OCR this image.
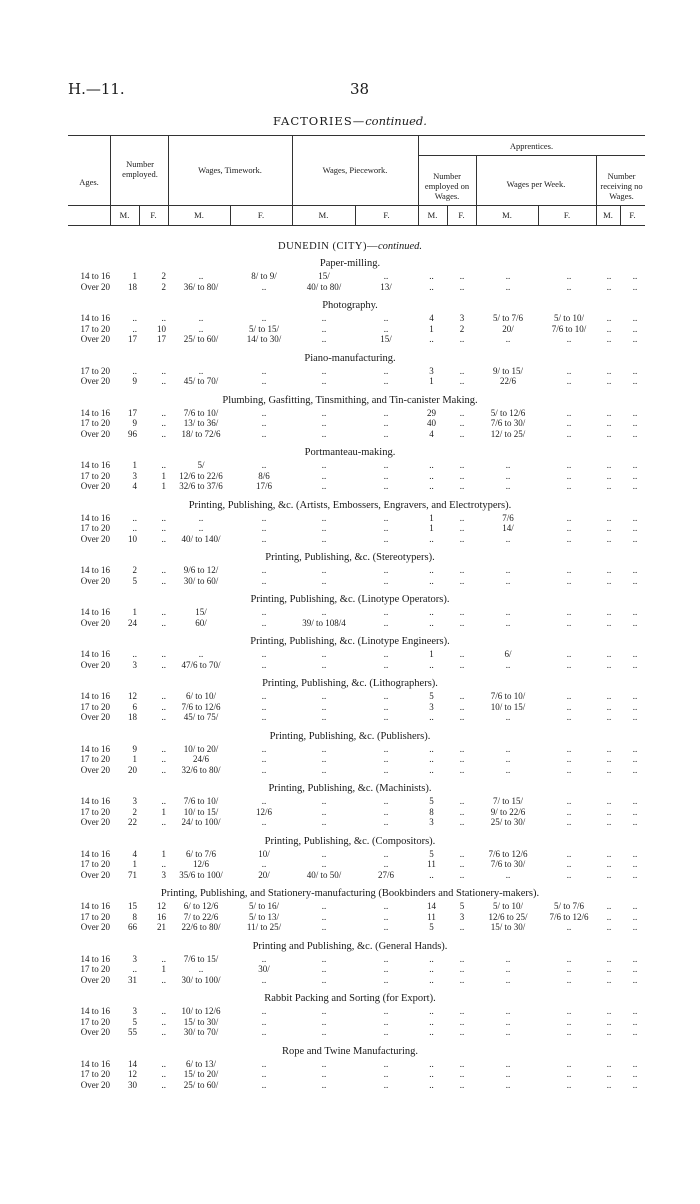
H.—11.	38
FACTORIES—continued.
Ages.
Number employed.	Wages, Timework.	Wages, Piecework.
Apprentices.
Number employed on Wages.
Wages per Week.
Number receiving no Wages.
M.	F.	M.	F.	M.	F.	M.	F.	M.	F.	M.	F.
DUNEDIN (CITY)—continued.
Paper-milling.
14 to 16	1	2	..	8/ to 9/	15/	..	..	..	..	..	..	..
Over 20	18	2	36/ to 80/	..	40/ to 80/	13/	..	..	..	..	..	..
Photography.
14 to 16	..	..	..	..	..	..	4	3	5/ to 7/6	5/ to 10/	..	..
17 to 20	..	10	..	5/ to 15/	..	..	1	2	20/	7/6 to 10/	..	..
Over 20	17	17	25/ to 60/	14/ to 30/	..	15/	..	..	..	..	..	..
Piano-manufacturing.
17 to 20	..	..	..	..	..	..	3	..	9/ to 15/	..	..	..
Over 20	9	..	45/ to 70/	..	..	..	1	..	22/6	..	..	..
Plumbing, Gasfitting, Tinsmithing, and Tin-canister Making.
14 to 16	17	..	7/6 to 10/	..	..	..	29	..	5/ to 12/6	..	..	..
17 to 20	9	..	13/ to 36/	..	..	..	40	..	7/6 to 30/	..	..	..
Over 20	96	..	18/ to 72/6	..	..	..	4	..	12/ to 25/	..	..	..
Portmanteau-making.
14 to 16	1	..	5/	..	..	..	..	..	..	..	..	..
17 to 20	3	1	12/6 to 22/6	8/6	..	..	..	..	..	..	..	..
Over 20	4	1	32/6 to 37/6	17/6	..	..	..	..	..	..	..	..
Printing, Publishing, &c. (Artists, Embossers, Engravers, and Electrotypers).
14 to 16	..	..	..	..	..	..	1	..	7/6	..	..	..
17 to 20	..	..	..	..	..	..	1	..	14/	..	..	..
Over 20	10	..	40/ to 140/	..	..	..	..	..	..	..	..	..
Printing, Publishing, &c. (Stereotypers).
14 to 16	2	..	9/6 to 12/	..	..	..	..	..	..	..	..	..
Over 20	5	..	30/ to 60/	..	..	..	..	..	..	..	..	..
Printing, Publishing, &c. (Linotype Operators).
14 to 16	1	..	15/	..	..	..	..	..	..	..	..	..
Over 20	24	..	60/	..	39/ to 108/4	..	..	..	..	..	..	..
Printing, Publishing, &c. (Linotype Engineers).
14 to 16	..	..	..	..	..	..	1	..	6/	..	..	..
Over 20	3	..	47/6 to 70/	..	..	..	..	..	..	..	..	..
Printing, Publishing, &c. (Lithographers).
14 to 16	12	..	6/ to 10/	..	..	..	5	..	7/6 to 10/	..	..	..
17 to 20	6	..	7/6 to 12/6	..	..	..	3	..	10/ to 15/	..	..	..
Over 20	18	..	45/ to 75/	..	..	..	..	..	..	..	..	..
Printing, Publishing, &c. (Publishers).
14 to 16	9	..	10/ to 20/	..	..	..	..	..	..	..	..	..
17 to 20	1	..	24/6	..	..	..	..	..	..	..	..	..
Over 20	20	..	32/6 to 80/	..	..	..	..	..	..	..	..	..
Printing, Publishing, &c. (Machinists).
14 to 16	3	..	7/6 to 10/	..	..	..	5	..	7/ to 15/	..	..	..
17 to 20	2	1	10/ to 15/	12/6	..	..	8	..	9/ to 22/6	..	..	..
Over 20	22	..	24/ to 100/	..	..	..	3	..	25/ to 30/	..	..	..
Printing, Publishing, &c. (Compositors).
14 to 16	4	1	6/ to 7/6	10/	..	..	5	..	7/6 to 12/6	..	..	..
17 to 20	1	..	12/6	..	..	..	11	..	7/6 to 30/	..	..	..
Over 20	71	3	35/6 to 100/	20/	40/ to 50/	27/6	..	..	..	..	..	..
Printing, Publishing, and Stationery-manufacturing (Bookbinders and Stationery-makers).
14 to 16	15	12	6/ to 12/6	5/ to 16/	..	..	14	5	5/ to 10/	5/ to 7/6	..	..
17 to 20	8	16	7/ to 22/6	5/ to 13/	..	..	11	3	12/6 to 25/	7/6 to 12/6	..	..
Over 20	66	21	22/6 to 80/	11/ to 25/	..	..	5	..	15/ to 30/	..	..	..
Printing and Publishing, &c. (General Hands).
14 to 16	3	..	7/6 to 15/	..	..	..	..	..	..	..	..	..
17 to 20	..	1	..	30/	..	..	..	..	..	..	..	..
Over 20	31	..	30/ to 100/	..	..	..	..	..	..	..	..	..
Rabbit Packing and Sorting (for Export).
14 to 16	3	..	10/ to 12/6	..	..	..	..	..	..	..	..	..
17 to 20	5	..	15/ to 30/	..	..	..	..	..	..	..	..	..
Over 20	55	..	30/ to 70/	..	..	..	..	..	..	..	..	..
Rope and Twine Manufacturing.
14 to 16	14	..	6/ to 13/	..	..	..	..	..	..	..	..	..
17 to 20	12	..	15/ to 20/	..	..	..	..	..	..	..	..	..
Over 20	30	..	25/ to 60/	..	..	..	..	..	..	..	..	..
